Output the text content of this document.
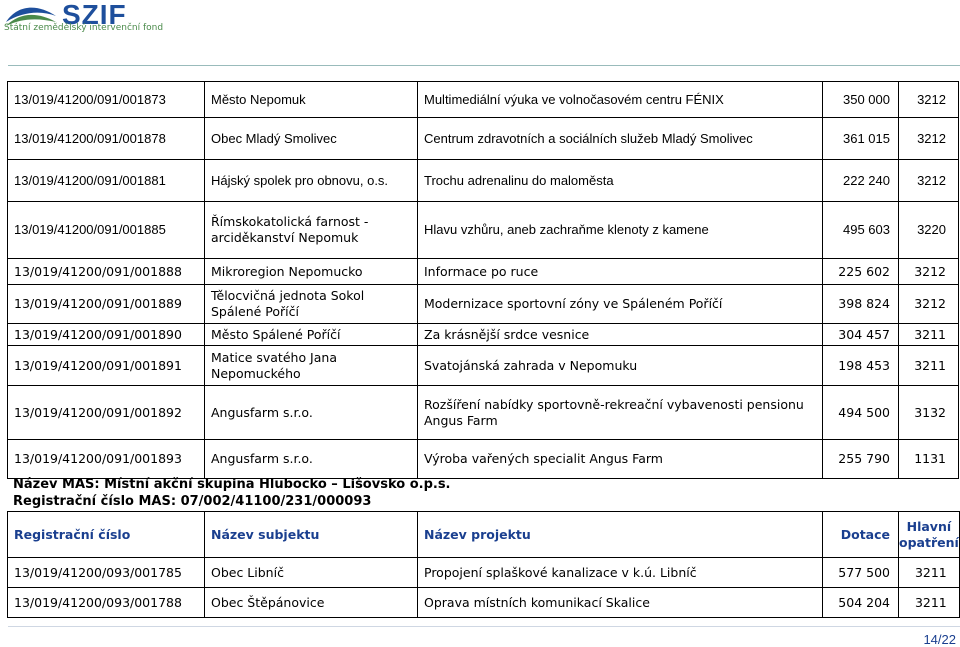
SZIF
Státní zemědělský intervenční fond
13/019/41200/091/001873	Město Nepomuk	Multimediální výuka ve volnočasovém centru FÉNIX	350 000	3212
13/019/41200/091/001878	Obec Mladý Smolivec	Centrum zdravotních a sociálních služeb Mladý Smolivec	361 015	3212
13/019/41200/091/001881	Hájský spolek pro obnovu, o.s.	Trochu adrenalinu do maloměsta	222 240	3212
13/019/41200/091/001885	Římskokatolická farnost - arciděkanství Nepomuk	Hlavu vzhůru, aneb zachraňme klenoty z kamene	495 603	3220
13/019/41200/091/001888	Mikroregion Nepomucko	Informace po ruce	225 602	3212
13/019/41200/091/001889	Tělocvičná jednota Sokol Spálené Poříčí	Modernizace sportovní zóny ve Spáleném Poříčí	398 824	3212
13/019/41200/091/001890	Město Spálené Poříčí	Za krásnější srdce vesnice	304 457	3211
13/019/41200/091/001891	Matice svatého Jana Nepomuckého	Svatojánská zahrada v Nepomuku	198 453	3211
13/019/41200/091/001892	Angusfarm s.r.o.	Rozšíření nabídky sportovně-rekreační vybavenosti pensionu Angus Farm	494 500	3132
13/019/41200/091/001893	Angusfarm s.r.o.	Výroba vařených specialit Angus Farm	255 790	1131
Název MAS: Místní akční skupina Hlubocko – Lišovsko o.p.s.
Registrační číslo MAS: 07/002/41100/231/000093
Registrační číslo	Název subjektu	Název projektu	Dotace	Hlavní opatření
13/019/41200/093/001785	Obec Libníč	Propojení splaškové kanalizace v k.ú. Libníč	577 500	3211
13/019/41200/093/001788	Obec Štěpánovice	Oprava místních komunikací Skalice	504 204	3211
14/22
